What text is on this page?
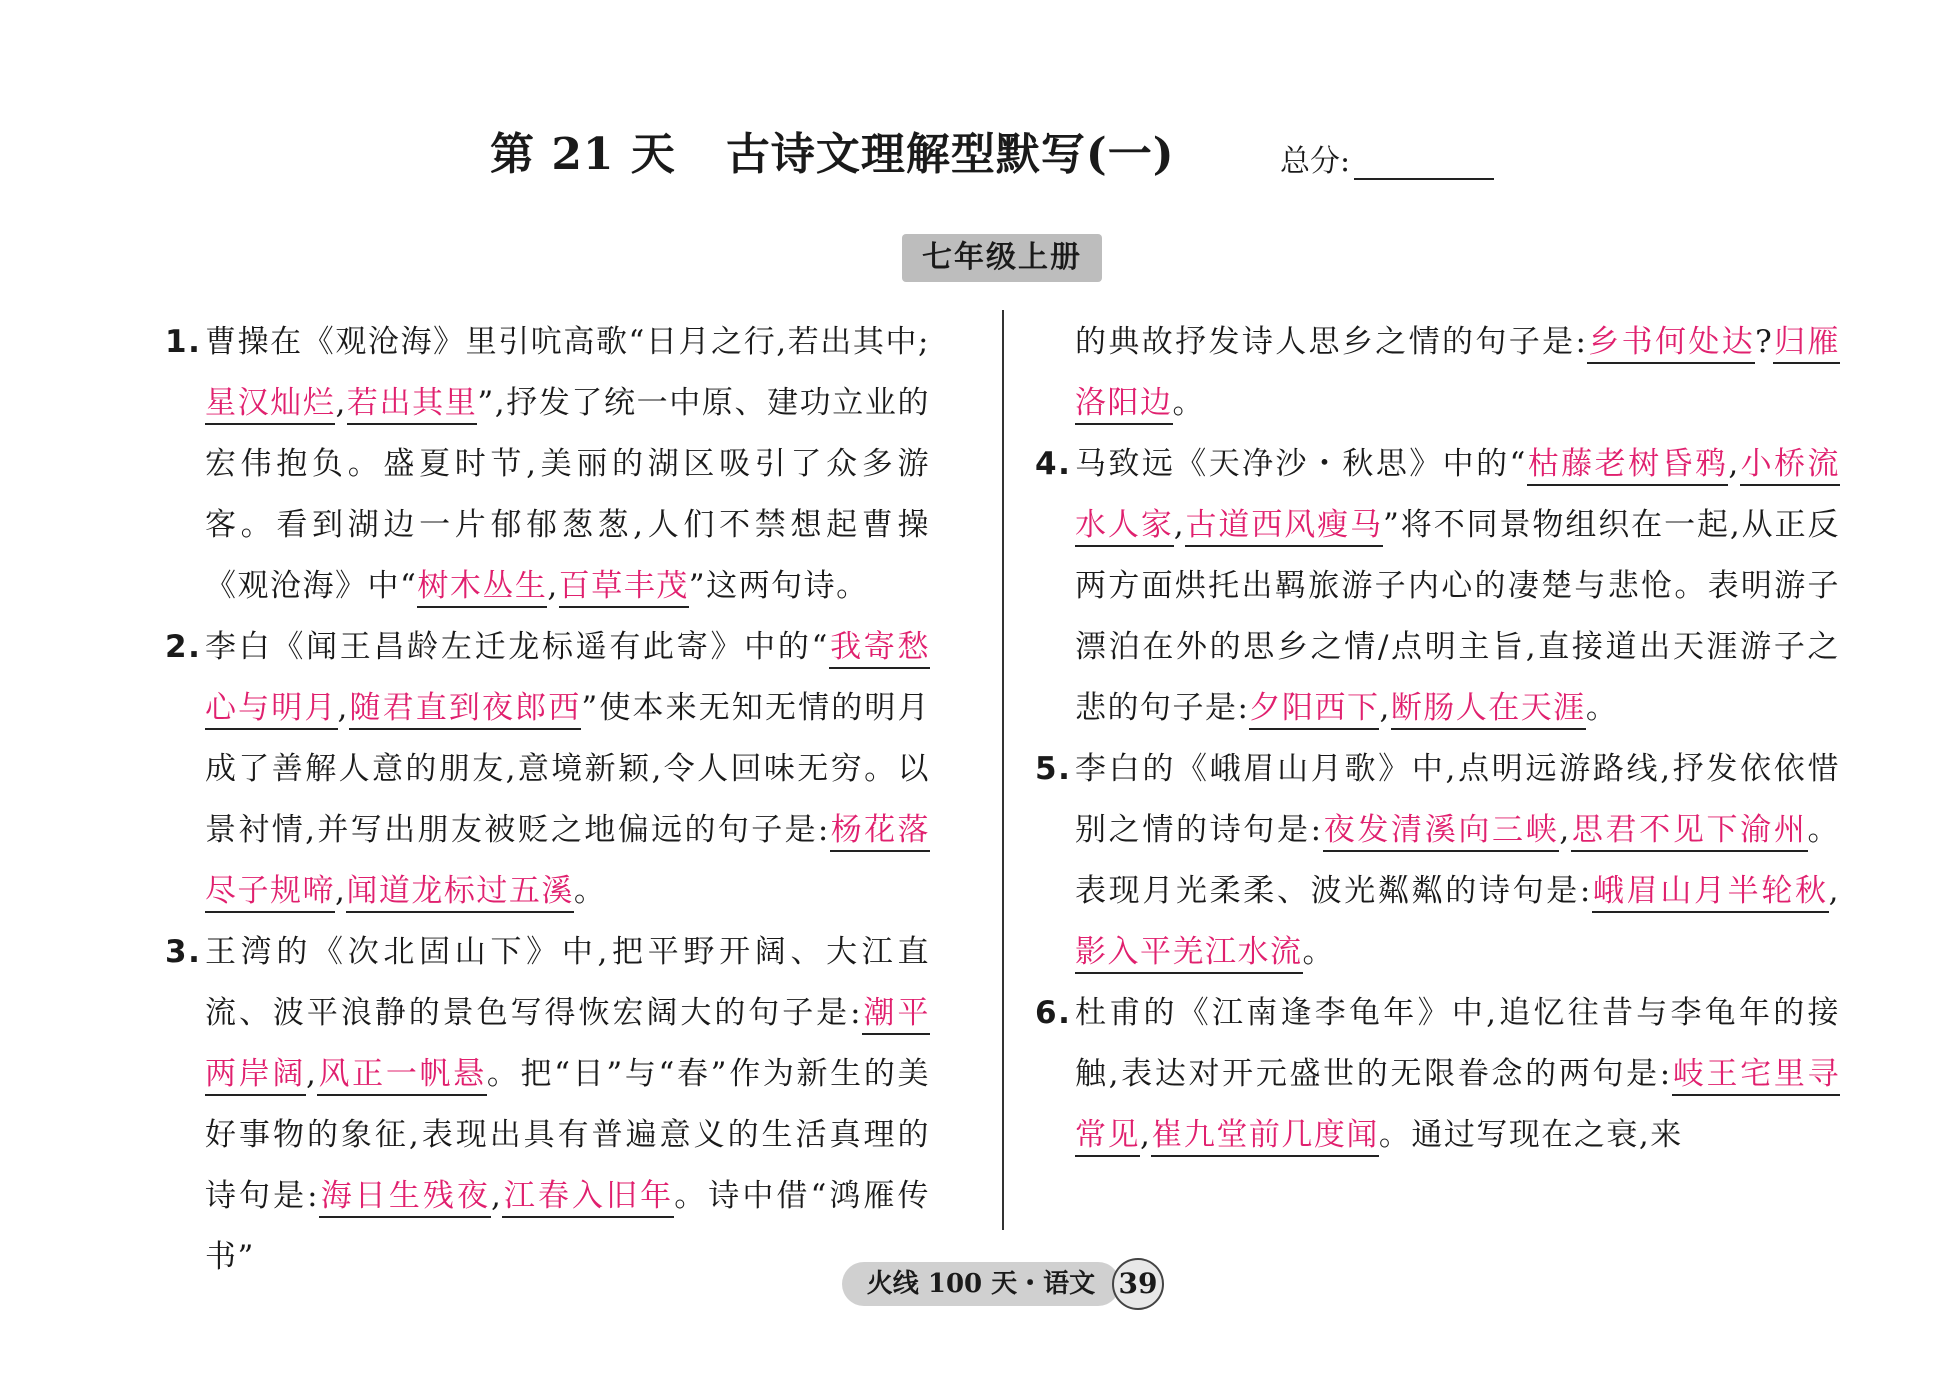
第 21 天 古诗文理解型默写(一)	总分:
七年级上册
1. 曹操在《观沧海》里引吭高歌“日月之行,若出其中;星汉灿烂,若出其里”,抒发了统一中原、建功立业的宏伟抱负。盛夏时节,美丽的湖区吸引了众多游客。看到湖边一片郁郁葱葱,人们不禁想起曹操《观沧海》中“树木丛生,百草丰茂”这两句诗。
2. 李白《闻王昌龄左迁龙标遥有此寄》中的“我寄愁心与明月,随君直到夜郎西”使本来无知无情的明月成了善解人意的朋友,意境新颖,令人回味无穷。以景衬情,并写出朋友被贬之地偏远的句子是:杨花落尽子规啼,闻道龙标过五溪。
3. 王湾的《次北固山下》中,把平野开阔、大江直流、波平浪静的景色写得恢宏阔大的句子是:潮平两岸阔,风正一帆悬。把“日”与“春”作为新生的美好事物的象征,表现出具有普遍意义的生活真理的诗句是:海日生残夜,江春入旧年。诗中借“鸿雁传书”
的典故抒发诗人思乡之情的句子是:乡书何处达?归雁洛阳边。
4. 马致远《天净沙・秋思》中的“枯藤老树昏鸦,小桥流水人家,古道西风瘦马”将不同景物组织在一起,从正反两方面烘托出羁旅游子内心的凄楚与悲怆。表明游子漂泊在外的思乡之情/点明主旨,直接道出天涯游子之悲的句子是:夕阳西下,断肠人在天涯。
5. 李白的《峨眉山月歌》中,点明远游路线,抒发依依惜别之情的诗句是:夜发清溪向三峡,思君不见下渝州。表现月光柔柔、波光粼粼的诗句是:峨眉山月半轮秋,影入平羌江水流。
6. 杜甫的《江南逢李龟年》中,追忆往昔与李龟年的接触,表达对开元盛世的无限眷念的两句是:岐王宅里寻常见,崔九堂前几度闻。通过写现在之衰,来
火线 100 天・语文 39
